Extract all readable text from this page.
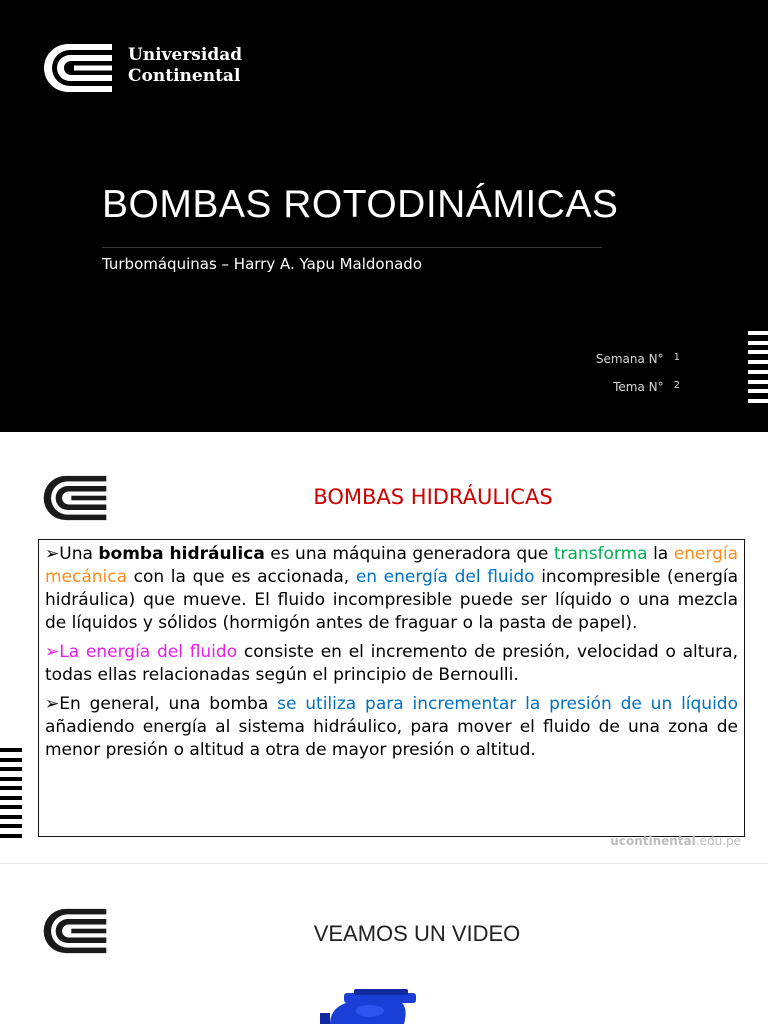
Universidad
Continental
BOMBAS ROTODINÁMICAS
Turbomáquinas – Harry A. Yapu Maldonado
Semana N° 1
Tema N° 2
BOMBAS HIDRÁULICAS

➢Una bomba hidráulica es una máquina generadora que transforma la energía mecánica con la que es accionada, en energía del fluido incompresible (energía hidráulica) que mueve. El fluido incompresible puede ser líquido o una mezcla de líquidos y sólidos (hormigón antes de fraguar o la pasta de papel).

➢La energía del fluido consiste en el incremento de presión, velocidad o altura, todas ellas relacionadas según el principio de Bernoulli.

➢En general, una bomba se utiliza para incrementar la presión de un líquido añadiendo energía al sistema hidráulico, para mover el fluido de una zona de menor presión o altitud a otra de mayor presión o altitud.

ucontinental.edu.pe
VEAMOS UN VIDEO
